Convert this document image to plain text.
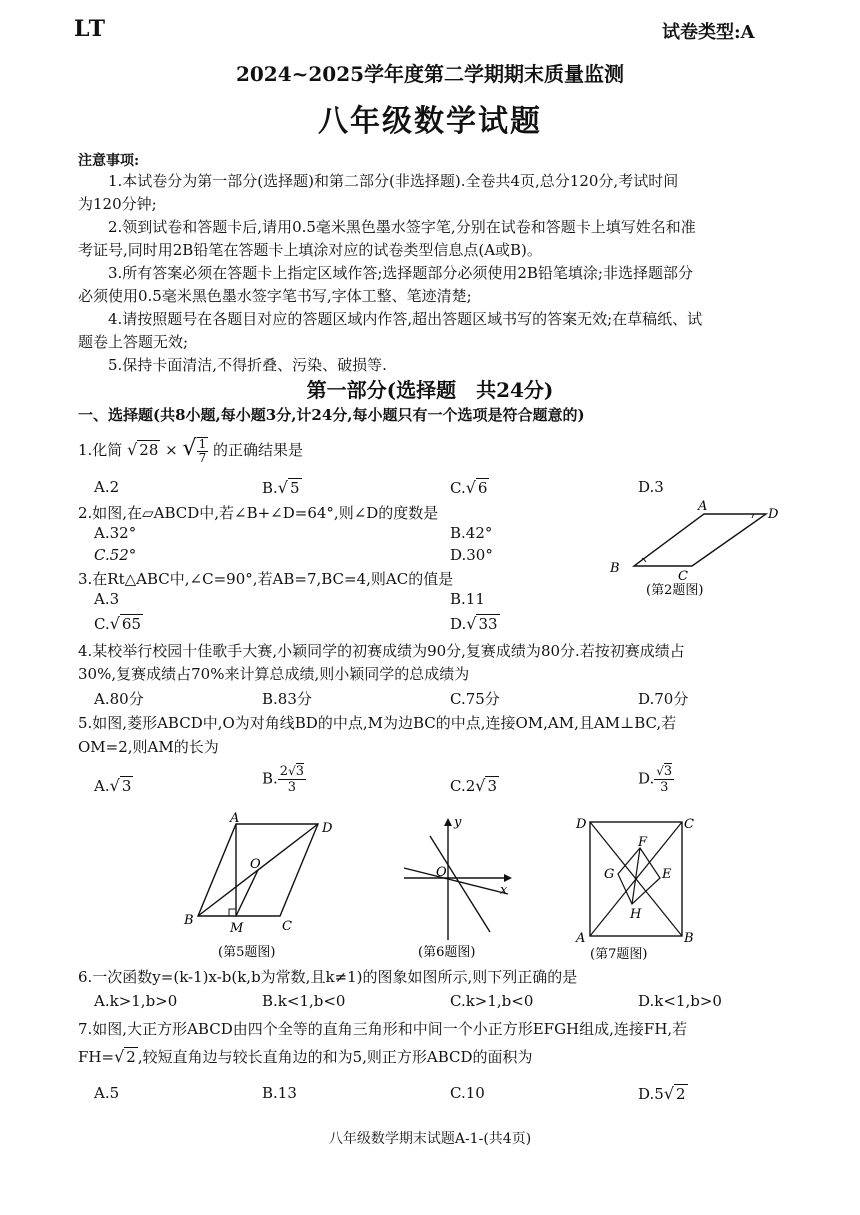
LT	试卷类型:A
2024~2025学年度第二学期期末质量监测
八年级数学试题
注意事项:
1.本试卷分为第一部分(选择题)和第二部分(非选择题).全卷共4页,总分120分,考试时间
为120分钟;
2.领到试卷和答题卡后,请用0.5毫米黑色墨水签字笔,分别在试卷和答题卡上填写姓名和准
考证号,同时用2B铅笔在答题卡上填涂对应的试卷类型信息点(A或B)。
3.所有答案必须在答题卡上指定区域作答;选择题部分必须使用2B铅笔填涂;非选择题部分
必须使用0.5毫米黑色墨水签字笔书写,字体工整、笔迹清楚;
4.请按照题号在各题目对应的答题区域内作答,超出答题区域书写的答案无效;在草稿纸、试
题卷上答题无效;
5.保持卡面清洁,不得折叠、污染、破损等.
第一部分(选择题　共24分)
一、选择题(共8小题,每小题3分,计24分,每小题只有一个选项是符合题意的)
1.化简 √ 28 × √ $\frac{1}{7}$ 的正确结果是
A.2	B.√ 5	C.√ 6	D.3
2.如图,在▱ABCD中,若∠B+∠D=64°,则∠D的度数是
A.32°	B.42°
C.52°	D.30°
A
D
B
C
(第2题图)
3.在Rt△ABC中,∠C=90°,若AB=7,BC=4,则AC的值是
A.3	B.11
C.√ 65	D.√ 33
4.某校举行校园十佳歌手大赛,小颖同学的初赛成绩为90分,复赛成绩为80分.若按初赛成绩占
30%,复赛成绩占70%来计算总成绩,则小颖同学的总成绩为
A.80分	B.83分	C.75分	D.70分
5.如图,菱形ABCD中,O为对角线BD的中点,M为边BC的中点,连接OM,AM,且AM⊥BC,若
OM=2,则AM的长为
A.√ 3	B. $\frac{2√3}{3}$	C.2√ 3	D. $\frac{√3}{3}$
A
D
O
B
M	C
(第5题图)
y
O
x
(第6题图)
D	C
F
G	E
H
A	B
(第7题图)
6.一次函数y=(k-1)x-b(k,b为常数,且k≠1)的图象如图所示,则下列正确的是
A.k>1,b>0	B.k<1,b<0	C.k>1,b<0	D.k<1,b>0
7.如图,大正方形ABCD由四个全等的直角三角形和中间一个小正方形EFGH组成,连接FH,若
FH=√ 2 ,较短直角边与较长直角边的和为5,则正方形ABCD的面积为
A.5	B.13	C.10	D.5√ 2
八年级数学期末试题A-1-(共4页)
